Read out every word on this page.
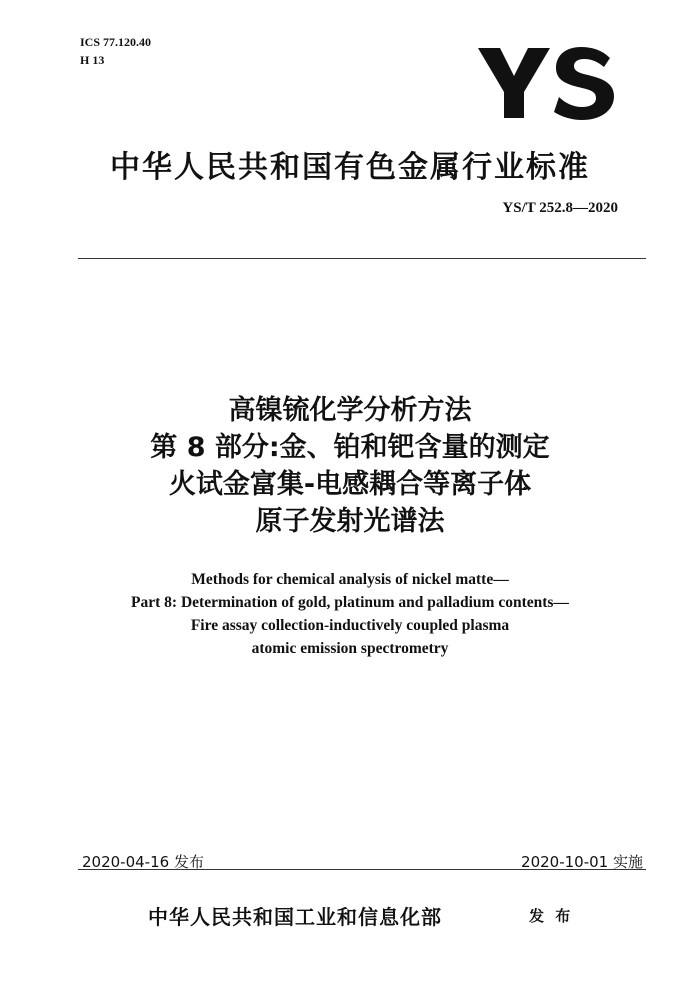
ICS 77.120.40
H 13
中华人民共和国有色金属行业标准
YS/T 252.8—2020
高镍锍化学分析方法
第 8 部分:金、铂和钯含量的测定
火试金富集-电感耦合等离子体
原子发射光谱法
Methods for chemical analysis of nickel matte—
Part 8: Determination of gold, platinum and palladium contents—
Fire assay collection-inductively coupled plasma
atomic emission spectrometry
2020-04-16 发布	2020-10-01 实施
中华人民共和国工业和信息化部	发 布
